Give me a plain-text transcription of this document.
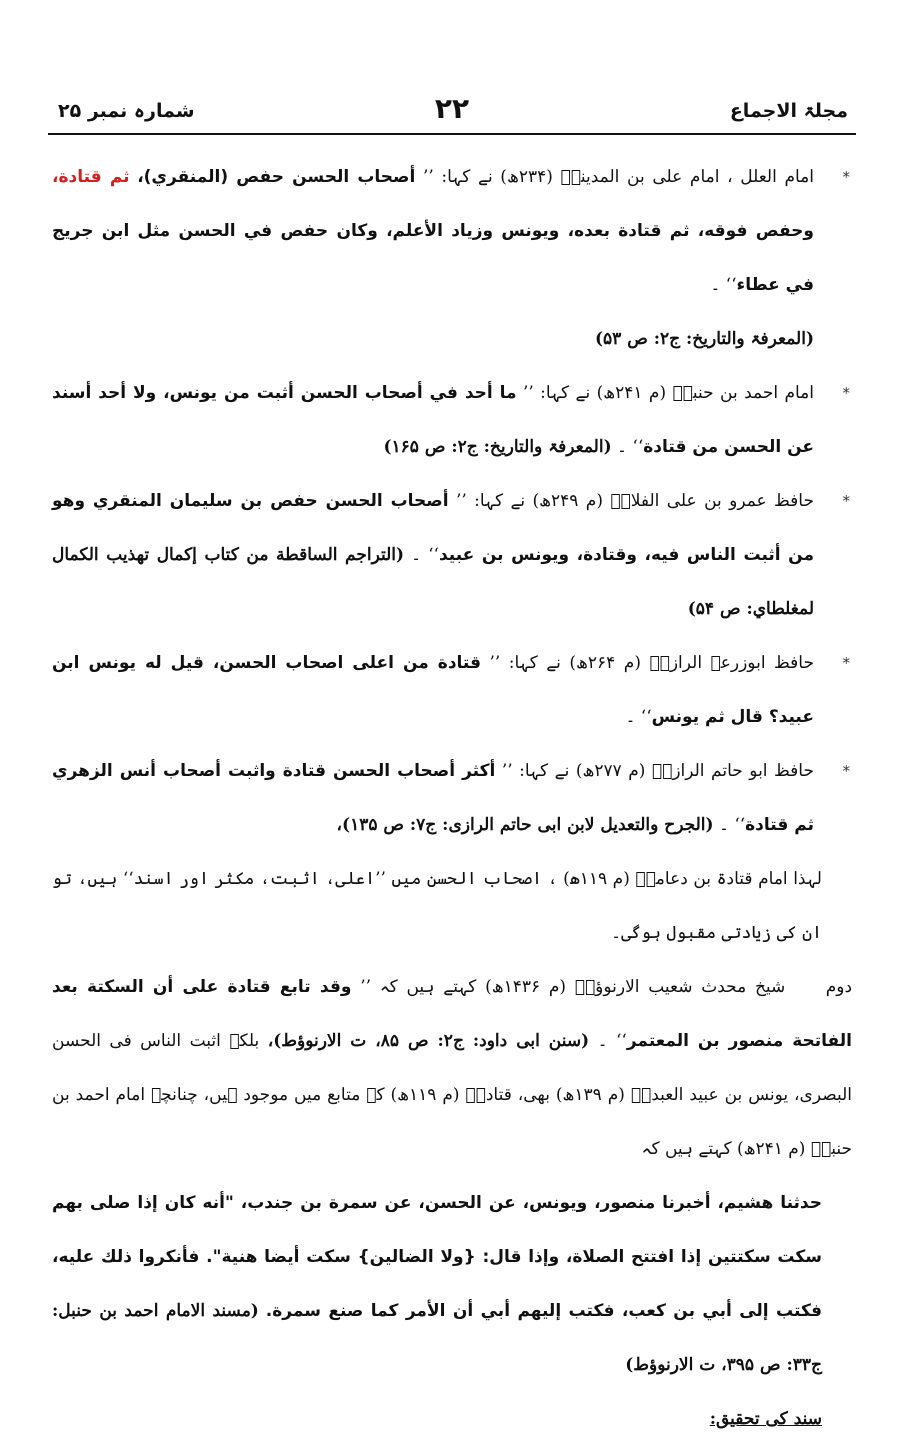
شمارہ نمبر ۲۵	۲۲	مجلۃ الاجماع

*
امام العلل ، امام علی بن المدینیؒ (۲۳۴ھ) نے کہا: ’’ أصحاب الحسن حفص (المنقري)، ثم قتادة، وحفص فوقه، ثم قتادة بعده، ويونس وزياد الأعلم، وكان حفص في الحسن مثل ابن جريج في عطاء‘‘ ۔
(المعرفۃ والتاریخ: ج۲: ص ۵۳)

*
امام احمد بن حنبلؒ (م ۲۴۱ھ) نے کہا: ’’ ما أحد في أصحاب الحسن أثبت من يونس، ولا أحد أسند عن الحسن من قتادة‘‘ ۔ (المعرفۃ والتاریخ: ج۲: ص ۱۶۵)

*
حافظ عمرو بن علی الفلاسؒ (م ۲۴۹ھ) نے کہا: ’’ أصحاب الحسن حفص بن سليمان المنقري وهو من أثبت الناس فيه، وقتادة، ويونس بن عبيد‘‘ ۔ (التراجم الساقطة من كتاب إكمال تهذيب الكمال لمغلطاي: ص ۵۴)

*
حافظ ابوزرعۃ الرازیؒ (م ۲۶۴ھ) نے کہا: ’’ قتادة من اعلى اصحاب الحسن، قيل له يونس ابن عبيد؟ قال ثم يونس‘‘ ۔

*
حافظ ابو حاتم الرازیؒ (م ۲۷۷ھ) نے کہا: ’’ أكثر أصحاب الحسن قتادة واثبت أصحاب أنس الزهري ثم قتادة‘‘ ۔ (الجرح والتعدیل لابن ابی حاتم الرازی: ج۷: ص ۱۳۵)،

لہذا امام قتادۃ بن دعامۃؒ (م ۱۱۹ھ) ، اصحاب الحسن میں ’’اعلی، اثبت، مکثر اور اسند‘‘ ہیں، تو ان کی زیادتی مقبول ہوگی۔

دوم شیخ محدث شعیب الارنوؤطؒ (م ۱۴۳۶ھ) کہتے ہیں کہ ’’ وقد تابع قتادة على أن السكتة بعد الفاتحة منصور بن المعتمر‘‘ ۔ (سنن ابی داود: ج۲: ص ۸۵، ت الارنوؤط)، بلکہ اثبت الناس فی الحسن البصری، یونس بن عبید العبدیؒ (م ۱۳۹ھ) بھی، قتادہؒ (م ۱۱۹ھ) کے متابع میں موجود ہیں، چنانچہ امام احمد بن حنبلؒ (م ۲۴۱ھ) کہتے ہیں کہ

حدثنا هشيم، أخبرنا منصور، ويونس، عن الحسن، عن سمرة بن جندب، "أنه كان إذا صلى بهم سكت سكتتين إذا افتتح الصلاة، وإذا قال: {ولا الضالين} سكت أيضا هنية". فأنكروا ذلك عليه، فكتب إلى أبي بن كعب، فكتب إليهم أبي أن الأمر كما صنع سمرة. (مسند الامام احمد بن حنبل: ج۳۳: ص ۳۹۵، ت الارنوؤط)
سند کی تحقیق:
